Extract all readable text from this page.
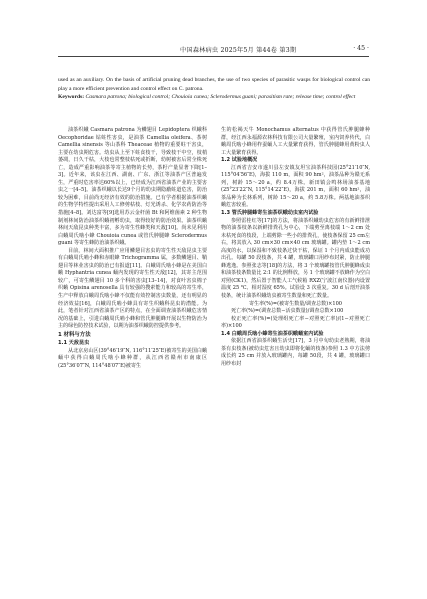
中国森林病虫 2025年5月 第44卷 第3期	· 45 ·
used as an auxiliary. On the basis of artificial pruning dead branches, the use of two species of parasitic wasps for biological control can play a more efficient prevention and control effect on C. patrona.
Keywords: Casmara patrona; biological control; Chouioia cunea; Sclerodermus guani; parasitism rate; release time; control effect

油茶织蛾 Casmara patrona 为鳞翅目 Lepidoptera 织蛾科 Oecophoridae 钻蛀性害虫，是油茶 Camellia oleifera、茶树 Camellia sinensis 等山茶科 Theaceae 植物的重要蛀干害虫，主要在幼虫期危害。幼虫从上至下蛀食枝干，导致枝干中空，枝梢萎凋，日久干枯，大枝也常整枝枯死或折断，幼树被害后常全株死亡，造成严重影响油茶等寄主植物的长势，茶籽产量显著下降[1–3]。近年来，该虫在江西、湖南、广东、浙江等油茶产区普遍发生，严重时危害率达60%以上，已经成为江西省油茶产业的主要害虫之一[4–5]。油茶织蛾以长达9个月的幼虫期隐蔽蛀道危害，防治较为困难，目前尚无经济有效的防治措施。已有学者根据油茶织蛾的生物学特性提出采用人工修剪枯枝、灯光诱杀、化学农药防治等措施[4–8]。刘达富等[9]选用苏云金杆菌 Bt 和阿维菌素 2 种生物制剂林间防治油茶织蛾初孵幼虫，取得较好的防治效果。油茶织蛾林间天敌昆虫种类丰富，多为寄生性蜂类和天敌[10]。尚未见利用白蛾周氏啮小蜂 Chouioia cunea 或管氏肿腿蜂 Sclerodermus guani 等寄生蜂防治油茶织蛾。

目前，林间大面积推广应用鳞翅目害虫的寄生性天敌昆虫主要有白蛾周氏啮小蜂和赤眼蜂 Trichogramma 属，多数鳞翅目、鞘翅目等林业害虫的防治已有报道[11]。白蛾周氏啮小蜂是在美国白蛾 Hyphantria cunea 蛹内发现的寄生性天敌[12]，其寄主范围较广，可寄生鳞翅目 10 多个科的害虫[13–14]，对食叶害虫棉子织蛾 Opisina arenosella 具有较强的搜索能力和较高的寄生率，生产中释放白蛾周氏啮小蜂不仅能有效控制害虫数量，还有明显的经济效益[16]，白蛾周氏啮小蜂具有寄生织蛾科昆虫的潜能。为此，笔者针对江西省油茶产区的特点，在全面调查油茶织蛾危害情况的基础上，引进白蛾周氏啮小蜂和管氏肿腿蜂开展以生物防治为主的绿色防控技术试验，以期为油茶织蛾防控提供参考。

1 材料与方法

1.1 天敌昆虫

从北京房山区(39°46′19″N, 116°11′25″E)被寄生的美国白蛾蛹中获得白蛾周氏啮小蜂种群，从江西省赣州市南康区(25°36′07″N, 114°48′07″E)被寄生

生的松褐天牛 Monochamus alternatus 中获得管氏肿腿蜂种群，经江西永福源农林科技有限公司大量繁殖，室内饲养传代，白蛾周氏啮小蜂用柞蚕蛹人工大量繁育获得，管氏肿腿蜂用黄粉虫人工大量繁育获得。

1.2 试验地概况

江西省吉安市遂川县左安镇友坦宝油茶科技园(25°21′10″N, 115°04′56″E)，海拔 110 m，面积 90 hm²，油茶品种为赣无系列，树龄 15～20 a，约 8.4万株。新田镇会鸣林场油茶基地(25°23′22″N, 115°14′22″E)，海拔 201 m，面积 60 hm²，油茶品种为长林系列，树龄 15～20 a，约 5.8万株。两基地油茶织蛾危害较重。

1.3 管氏肿腿蜂寄生油茶织蛾幼虫室内试验

参照雷桂红等[17]的方法，将油茶织蛾幼虫危害的有新鲜排泄物的油茶枝条以新鲜排粪孔为中心，下端剪至离枝端 1～2 cm 处未枯死食的枝段，上端剪除一些小的排粪孔，使枝条保留 25 cm左右，将其放入 30 cm×30 cm×40 cm 玻璃罐。罐内垫 1～2 cm 高度的水，以保湿和不致枝条过快干枯，保证 1 个月内成虫能成功出孔。每罐 50 段枝条，共 4 罐，玻璃罐口用纱布封紧，防止肿腿蜂逃逸。参照张志等[18]的方法，将 3 个玻璃罐按管氏肿腿蜂成虫和油茶枝条数量比 2:1 的比例释放，另 1 个玻璃罐不放蜂作为空白对照(CK1)，然后置于智能人工气候箱 RXZ(宁波江南仪器)内设置温度 25 ℃、相对湿度 65%。试验设 3 次重复。30 d 后剖开油茶枝条，统计油茶织蛾幼虫被寄生数量和死亡数量。

寄生率(%)=(被寄生数量/调查总数)×100

死亡率(%)=(调查总数−活虫数量)/调查总数×100

校正死亡率(%)=(处理组死亡率−对照死亡率)/(1−对照死亡率)×100

1.4 白蛾周氏啮小蜂寄生油茶织蛾蛹室内试验

依据江西省油茶织蛾生活史[17]，3 月中旬幼虫老熟期，将油茶有虫枝条(被幼虫危害且幼虫即将化蛹的枝条)参照 1.3 中方法剪成长约 25 cm 并放入玻璃罐内，每罐 50段，共 4 罐，玻璃罐口用纱布封
